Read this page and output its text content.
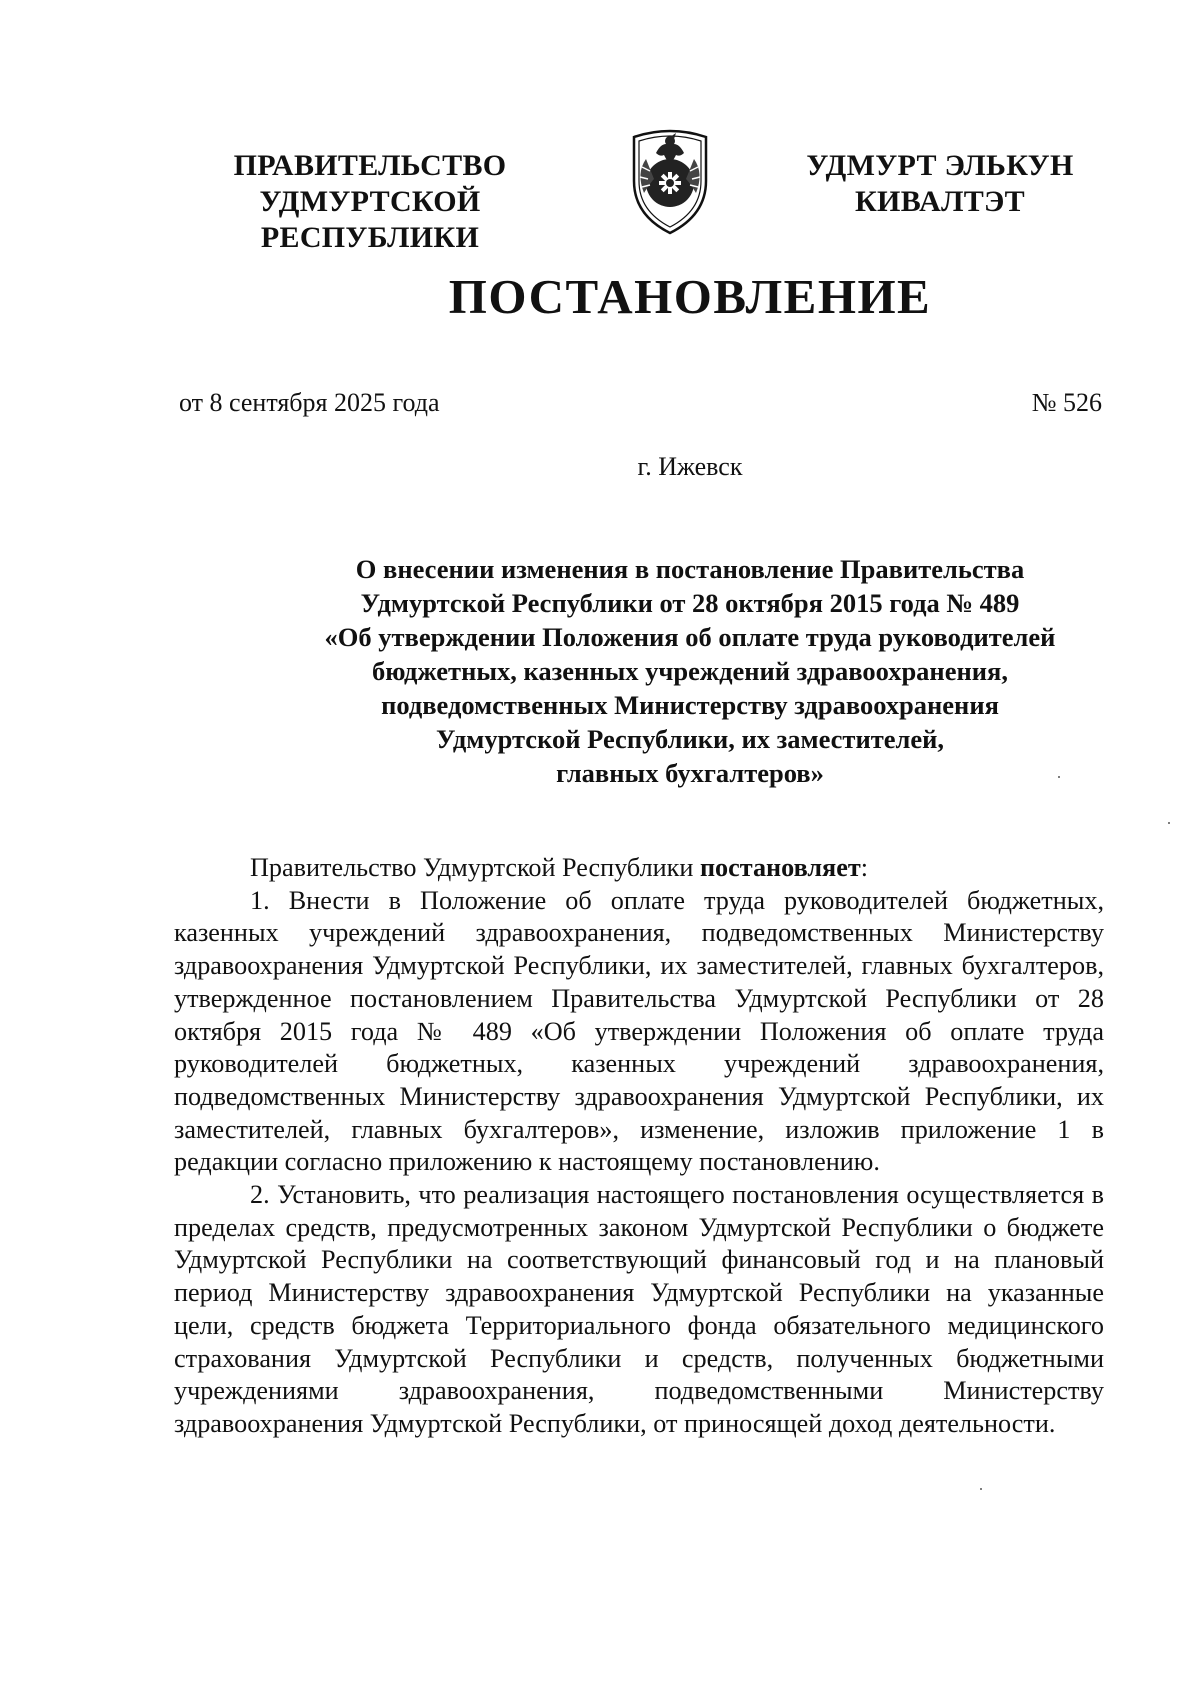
ПРАВИТЕЛЬСТВО
УДМУРТСКОЙ РЕСПУБЛИКИ
УДМУРТ ЭЛЬКУН
КИВАЛТЭТ
ПОСТАНОВЛЕНИЕ
от 8 сентября 2025 года	№ 526
г. Ижевск
О внесении изменения в постановление Правительства
Удмуртской Республики от 28 октября 2015 года № 489
«Об утверждении Положения об оплате труда руководителей
бюджетных, казенных учреждений здравоохранения,
подведомственных Министерству здравоохранения
Удмуртской Республики, их заместителей,
главных бухгалтеров»

Правительство Удмуртской Республики постановляет:

1. Внести в Положение об оплате труда руководителей бюджетных, казенных учреждений здравоохранения, подведомственных Министерству здравоохранения Удмуртской Республики, их заместителей, главных бухгалтеров, утвержденное постановлением Правительства Удмуртской Республики от 28 октября 2015 года № 489 «Об утверждении Положения об оплате труда руководителей бюджетных, казенных учреждений здравоохранения, подведомственных Министерству здравоохранения Удмуртской Республики, их заместителей, главных бухгалтеров», изменение, изложив приложение 1 в редакции согласно приложению к настоящему постановлению.

2. Установить, что реализация настоящего постановления осуществляется в пределах средств, предусмотренных законом Удмуртской Республики о бюджете Удмуртской Республики на соответствующий финансовый год и на плановый период Министерству здравоохранения Удмуртской Республики на указанные цели, средств бюджета Территориального фонда обязательного медицинского страхования Удмуртской Республики и средств, полученных бюджетными учреждениями здравоохранения, подведомственными Министерству здравоохранения Удмуртской Республики, от приносящей доход деятельности.
